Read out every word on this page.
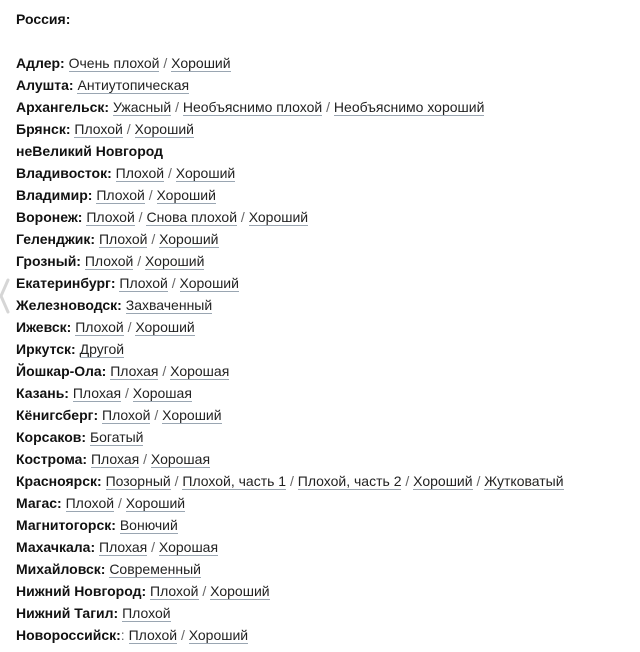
Россия:
Адлер: Очень плохой / Хороший
Алушта: Антиутопическая
Архангельск: Ужасный / Необъяснимо плохой / Необъяснимо хороший
Брянск: Плохой / Хороший
неВеликий Новгород
Владивосток: Плохой / Хороший
Владимир: Плохой / Хороший
Воронеж: Плохой / Снова плохой / Хороший
Геленджик: Плохой / Хороший
Грозный: Плохой / Хороший
Екатеринбург: Плохой / Хороший
Железноводск: Захваченный
Ижевск: Плохой / Хороший
Иркутск: Другой
Йошкар-Ола: Плохая / Хорошая
Казань: Плохая / Хорошая
Кёнигсберг: Плохой / Хороший
Корсаков: Богатый
Кострома: Плохая / Хорошая
Красноярск: Позорный / Плохой, часть 1 / Плохой, часть 2 / Хороший / Жутковатый
Магас: Плохой / Хороший
Магнитогорск: Вонючий
Махачкала: Плохая / Хорошая
Михайловск: Современный
Нижний Новгород: Плохой / Хороший
Нижний Тагил: Плохой
Новороссийск:: Плохой / Хороший
